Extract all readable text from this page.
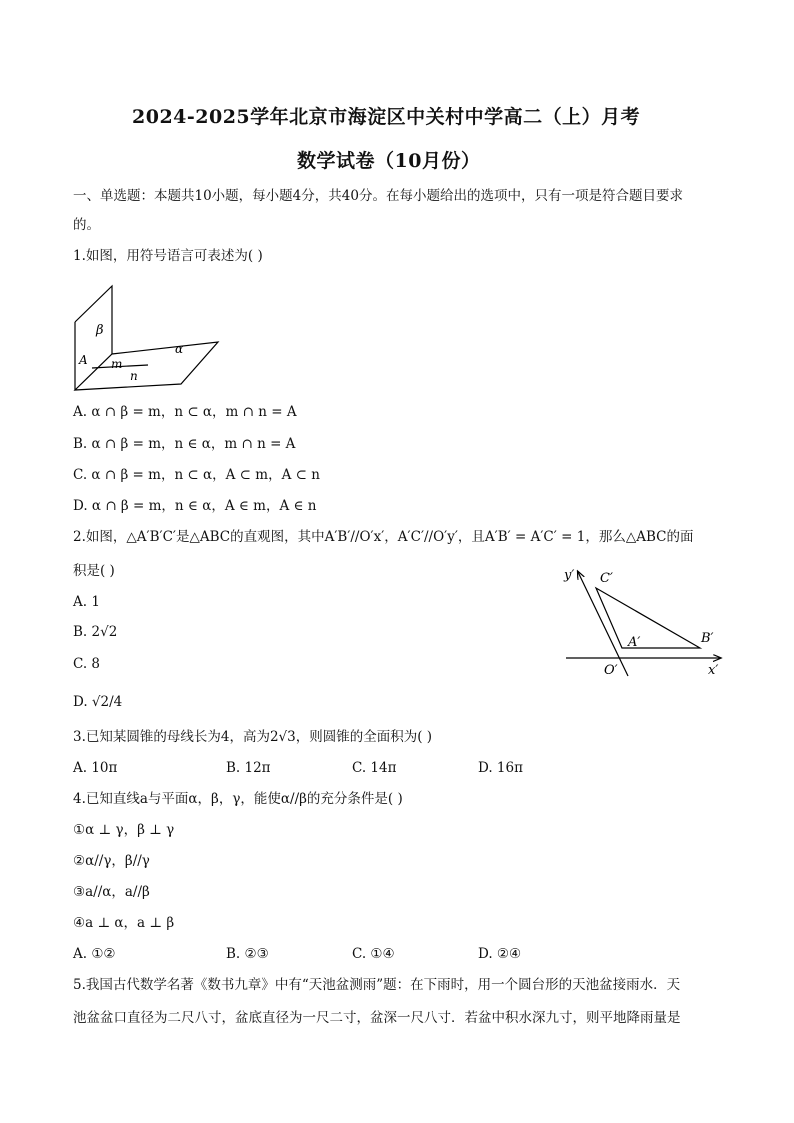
2024-2025学年北京市海淀区中关村中学高二（上）月考
数学试卷（10月份）
一、单选题：本题共10小题，每小题4分，共40分。在每小题给出的选项中，只有一项是符合题目要求
的。
1.如图，用符号语言可表述为( )
β
m
α
A
n
A. α ∩ β = m，n ⊂ α，m ∩ n = A
B. α ∩ β = m，n ∈ α，m ∩ n = A
C. α ∩ β = m，n ⊂ α，A ⊂ m，A ⊂ n
D. α ∩ β = m，n ∈ α，A ∈ m，A ∈ n
2.如图，△A′B′C′是△ABC的直观图，其中A′B′//O′x′，A′C′//O′y′，且A′B′ = A′C′ = 1，那么△ABC的面
积是( )
A. 1
B. 2√2
C. 8
D. √2/4
y′ C′
A′	B′
O′	x′
3.已知某圆锥的母线长为4，高为2√3，则圆锥的全面积为( )
A. 10π	B. 12π	C. 14π	D. 16π
4.已知直线a与平面α，β，γ，能使α//β的充分条件是( )
①α ⊥ γ，β ⊥ γ
②α//γ，β//γ
③a//α，a//β
④a ⊥ α，a ⊥ β
A. ①②	B. ②③	C. ①④	D. ②④
5.我国古代数学名著《数书九章》中有“天池盆测雨”题：在下雨时，用一个圆台形的天池盆接雨水．天
池盆盆口直径为二尺八寸，盆底直径为一尺二寸，盆深一尺八寸．若盆中积水深九寸，则平地降雨量是
